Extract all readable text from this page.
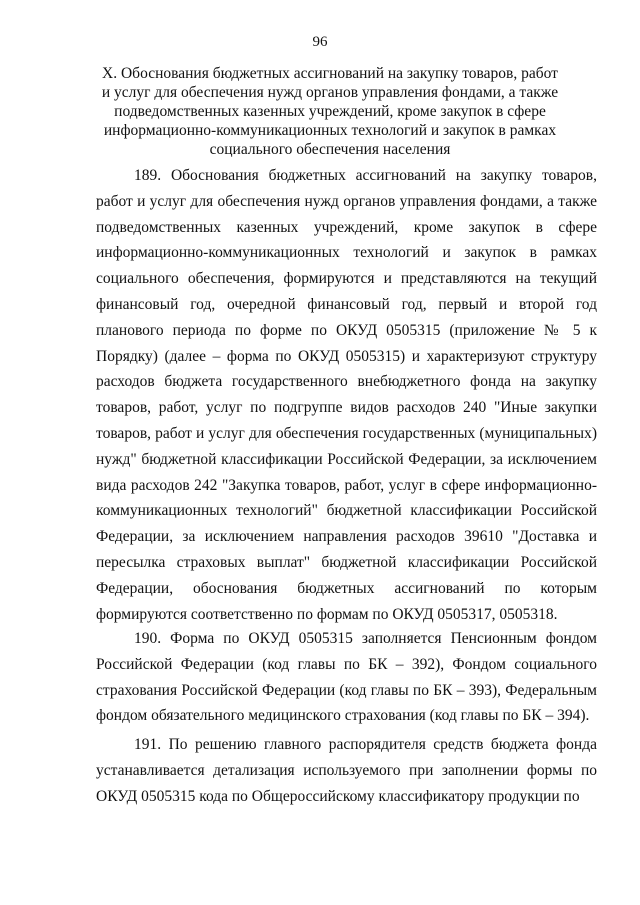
96
X. Обоснования бюджетных ассигнований на закупку товаров, работ и услуг для обеспечения нужд органов управления фондами, а также подведомственных казенных учреждений, кроме закупок в сфере информационно-коммуникационных технологий и закупок в рамках социального обеспечения населения

189. Обоснования бюджетных ассигнований на закупку товаров, работ и услуг для обеспечения нужд органов управления фондами, а также подведомственных казенных учреждений, кроме закупок в сфере информационно-коммуникационных технологий и закупок в рамках социального обеспечения, формируются и представляются на текущий финансовый год, очередной финансовый год, первый и второй год планового периода по форме по ОКУД 0505315 (приложение № 5 к Порядку) (далее – форма по ОКУД 0505315) и характеризуют структуру расходов бюджета государственного внебюджетного фонда на закупку товаров, работ, услуг по подгруппе видов расходов 240 "Иные закупки товаров, работ и услуг для обеспечения государственных (муниципальных) нужд" бюджетной классификации Российской Федерации, за исключением вида расходов 242 "Закупка товаров, работ, услуг в сфере информационно-коммуникационных технологий" бюджетной классификации Российской Федерации, за исключением направления расходов 39610 "Доставка и пересылка страховых выплат" бюджетной классификации Российской Федерации, обоснования бюджетных ассигнований по которым формируются соответственно по формам по ОКУД 0505317, 0505318.

190. Форма по ОКУД 0505315 заполняется Пенсионным фондом Российской Федерации (код главы по БК – 392), Фондом социального страхования Российской Федерации (код главы по БК – 393), Федеральным фондом обязательного медицинского страхования (код главы по БК – 394).

191. По решению главного распорядителя средств бюджета фонда устанавливается детализация используемого при заполнении формы по ОКУД 0505315 кода по Общероссийскому классификатору продукции по
